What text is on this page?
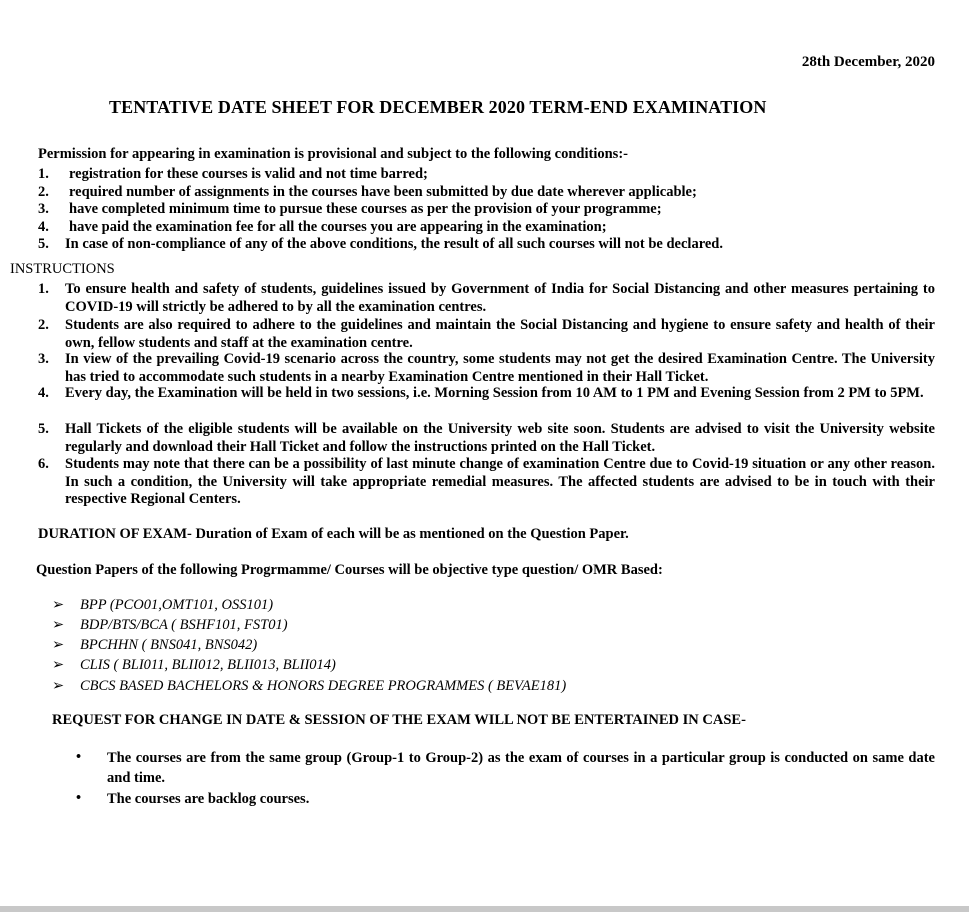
28th December, 2020
TENTATIVE DATE SHEET FOR DECEMBER 2020 TERM-END EXAMINATION
Permission for appearing in examination is provisional and subject to the following conditions:-
1. registration for these courses is valid and not time barred;
2. required number of assignments in the courses have been submitted by due date wherever applicable;
3. have completed minimum time to pursue these courses as per the provision of your programme;
4. have paid the examination fee for all the courses you are appearing in the examination;
5. In case of non-compliance of any of the above conditions, the result of all such courses will not be declared.
INSTRUCTIONS
1. To ensure health and safety of students, guidelines issued by Government of India for Social Distancing and other measures pertaining to COVID-19 will strictly be adhered to by all the examination centres.
2. Students are also required to adhere to the guidelines and maintain the Social Distancing and hygiene to ensure safety and health of their own, fellow students and staff at the examination centre.
3. In view of the prevailing Covid-19 scenario across the country, some students may not get the desired Examination Centre. The University has tried to accommodate such students in a nearby Examination Centre mentioned in their Hall Ticket.
4. Every day, the Examination will be held in two sessions, i.e. Morning Session from 10 AM to 1 PM and Evening Session from 2 PM to 5PM.
5. Hall Tickets of the eligible students will be available on the University web site soon. Students are advised to visit the University website regularly and download their Hall Ticket and follow the instructions printed on the Hall Ticket.
6. Students may note that there can be a possibility of last minute change of examination Centre due to Covid-19 situation or any other reason. In such a condition, the University will take appropriate remedial measures. The affected students are advised to be in touch with their respective Regional Centers.
DURATION OF EXAM- Duration of Exam of each will be as mentioned on the Question Paper.
Question Papers of the following Progrmamme/ Courses will be objective type question/ OMR Based:
➢ BPP (PCO01,OMT101, OSS101)
➢ BDP/BTS/BCA ( BSHF101, FST01)
➢ BPCHHN ( BNS041, BNS042)
➢ CLIS ( BLI011, BLII012, BLII013, BLII014)
➢ CBCS BASED BACHELORS & HONORS DEGREE PROGRAMMES ( BEVAE181)
REQUEST FOR CHANGE IN DATE & SESSION OF THE EXAM WILL NOT BE ENTERTAINED IN CASE-
• The courses are from the same group (Group-1 to Group-2) as the exam of courses in a particular group is conducted on same date and time.
• The courses are backlog courses.
